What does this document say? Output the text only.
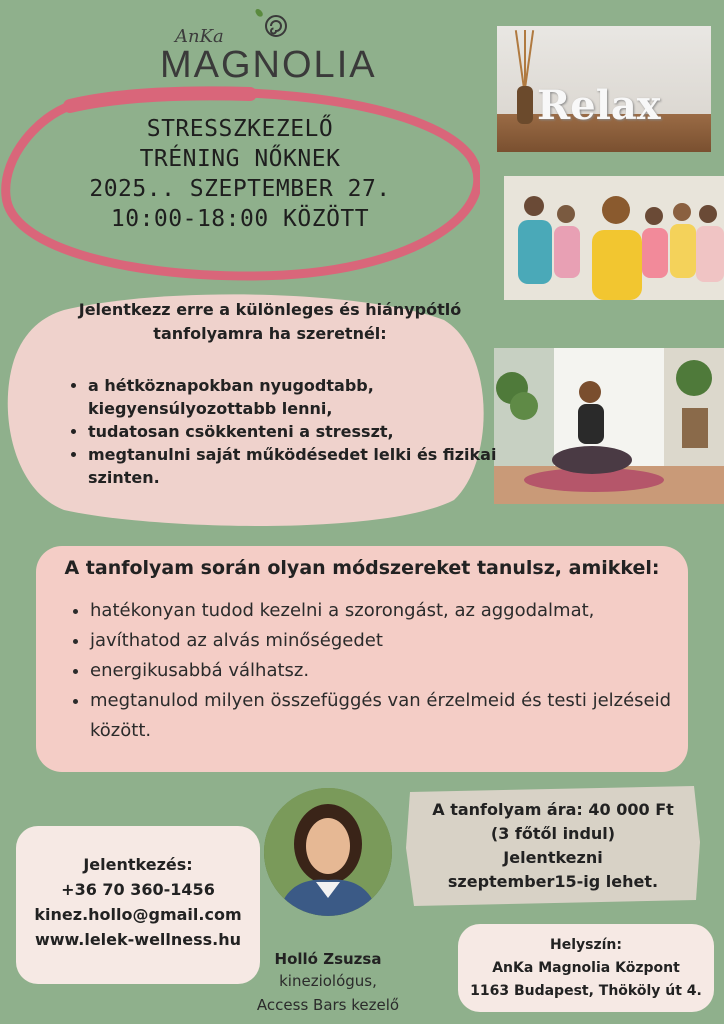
AnKa
MAGNOLIA
STRESSZKEZELŐ
TRÉNING NŐKNEK
2025.. SZEPTEMBER 27.
10:00-18:00 KÖZÖTT
Relax
Jelentkezz erre a különleges és hiánypótló tanfolyamra ha szeretnél:
• a hétköznapokban nyugodtabb, kiegyensúlyozottabb lenni,
• tudatosan csökkenteni a stresszt,
• megtanulni saját működésedet lelki és fizikai szinten.
A tanfolyam során olyan módszereket tanulsz, amikkel:
• hatékonyan tudod kezelni a szorongást, az aggodalmat,
• javíthatod az alvás minőségedet
• energikusabbá válhatsz.
• megtanulod milyen összefüggés van érzelmeid és testi jelzéseid között.
A tanfolyam ára: 40 000 Ft
(3 főtől indul)
Jelentkezni
szeptember15-ig lehet.
Jelentkezés:
+36 70 360-1456
kinez.hollo@gmail.com
www.lelek-wellness.hu
Holló Zsuzsa
kineziológus,
Access Bars kezelő
Helyszín:
AnKa Magnolia Központ
1163 Budapest, Thököly út 4.
